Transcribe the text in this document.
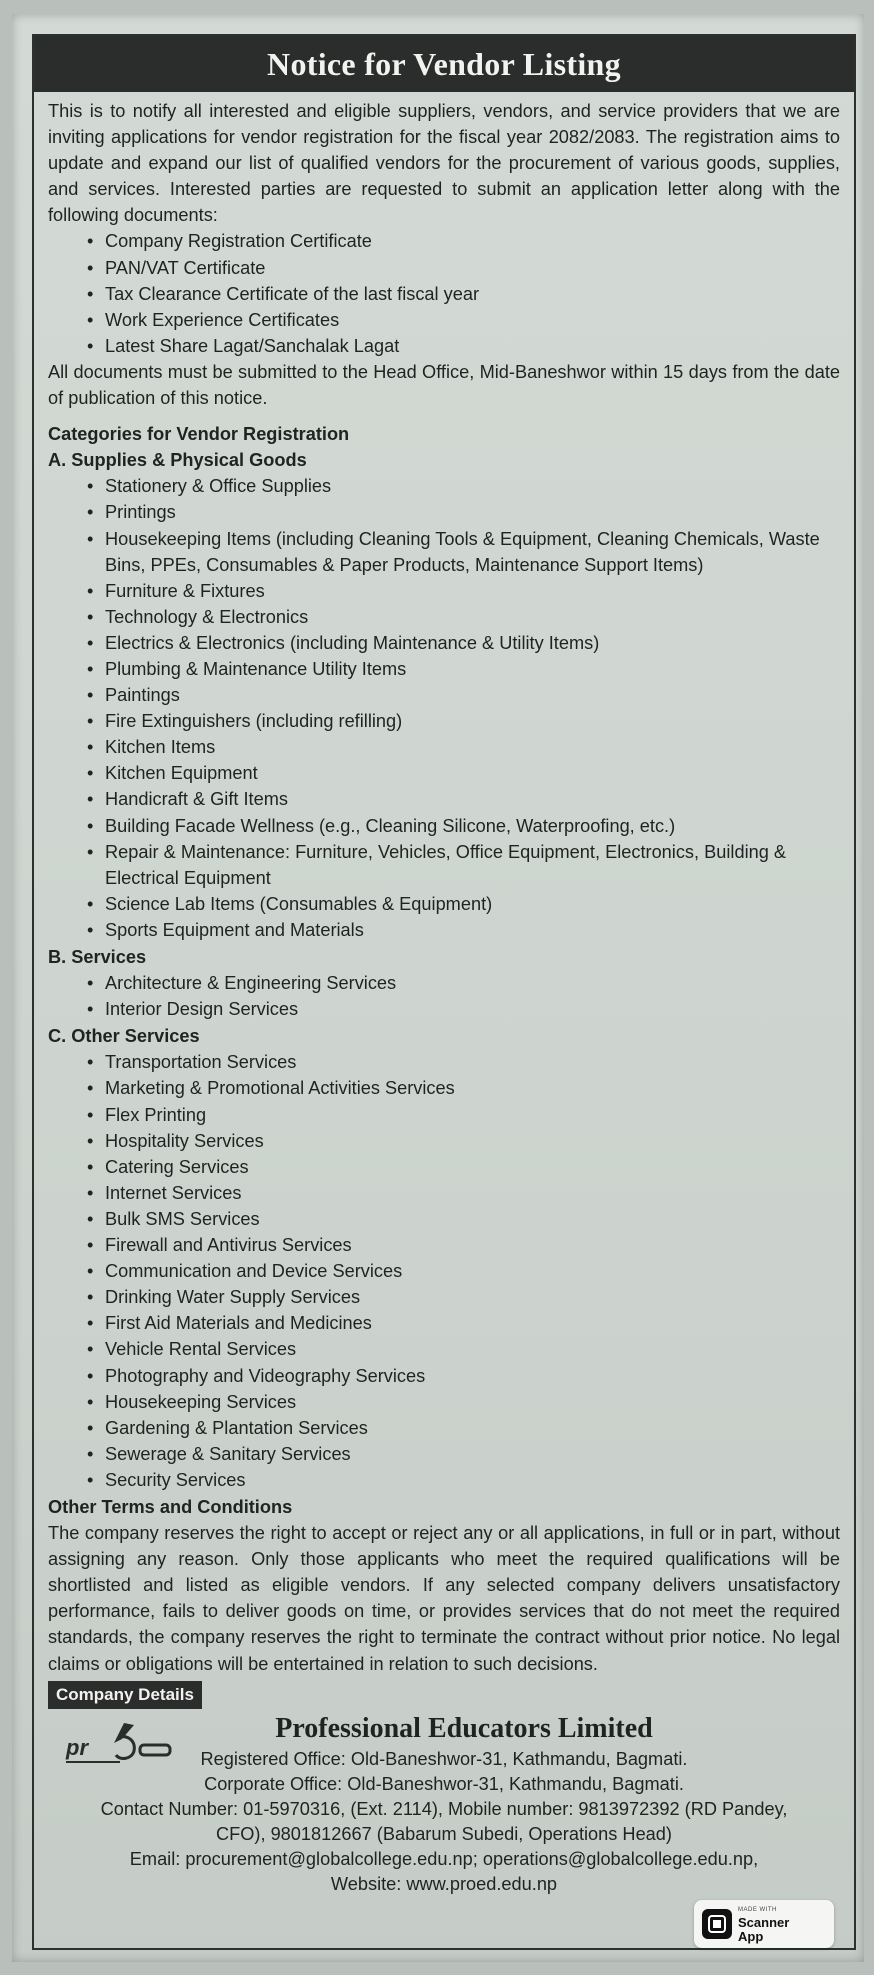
Notice for Vendor Listing

This is to notify all interested and eligible suppliers, vendors, and service providers that we are inviting applications for vendor registration for the fiscal year 2082/2083. The registration aims to update and expand our list of qualified vendors for the procurement of various goods, supplies, and services. Interested parties are requested to submit an application letter along with the following documents:

• Company Registration Certificate
• PAN/VAT Certificate
• Tax Clearance Certificate of the last fiscal year
• Work Experience Certificates
• Latest Share Lagat/Sanchalak Lagat

All documents must be submitted to the Head Office, Mid-Baneshwor within 15 days from the date of publication of this notice.

Categories for Vendor Registration

A. Supplies & Physical Goods

• Stationery & Office Supplies
• Printings
• Housekeeping Items (including Cleaning Tools & Equipment, Cleaning Chemicals, Waste Bins, PPEs, Consumables & Paper Products, Maintenance Support Items)
• Furniture & Fixtures
• Technology & Electronics
• Electrics & Electronics (including Maintenance & Utility Items)
• Plumbing & Maintenance Utility Items
• Paintings
• Fire Extinguishers (including refilling)
• Kitchen Items
• Kitchen Equipment
• Handicraft & Gift Items
• Building Facade Wellness (e.g., Cleaning Silicone, Waterproofing, etc.)
• Repair & Maintenance: Furniture, Vehicles, Office Equipment, Electronics, Building & Electrical Equipment
• Science Lab Items (Consumables & Equipment)
• Sports Equipment and Materials

B. Services

• Architecture & Engineering Services
• Interior Design Services

C. Other Services

• Transportation Services
• Marketing & Promotional Activities Services
• Flex Printing
• Hospitality Services
• Catering Services
• Internet Services
• Bulk SMS Services
• Firewall and Antivirus Services
• Communication and Device Services
• Drinking Water Supply Services
• First Aid Materials and Medicines
• Vehicle Rental Services
• Photography and Videography Services
• Housekeeping Services
• Gardening & Plantation Services
• Sewerage & Sanitary Services
• Security Services

Other Terms and Conditions

The company reserves the right to accept or reject any or all applications, in full or in part, without assigning any reason. Only those applicants who meet the required qualifications will be shortlisted and listed as eligible vendors. If any selected company delivers unsatisfactory performance, fails to deliver goods on time, or provides services that do not meet the required standards, the company reserves the right to terminate the contract without prior notice. No legal claims or obligations will be entertained in relation to such decisions.

Company Details
pr
Professional Educators Limited
Registered Office: Old-Baneshwor-31, Kathmandu, Bagmati.
Corporate Office: Old-Baneshwor-31, Kathmandu, Bagmati.
Contact Number: 01-5970316, (Ext. 2114), Mobile number: 9813972392 (RD Pandey,
CFO), 9801812667 (Babarum Subedi, Operations Head)
Email: procurement@globalcollege.edu.np; operations@globalcollege.edu.np,
Website: www.proed.edu.np
MADE WITH
Scanner
App
